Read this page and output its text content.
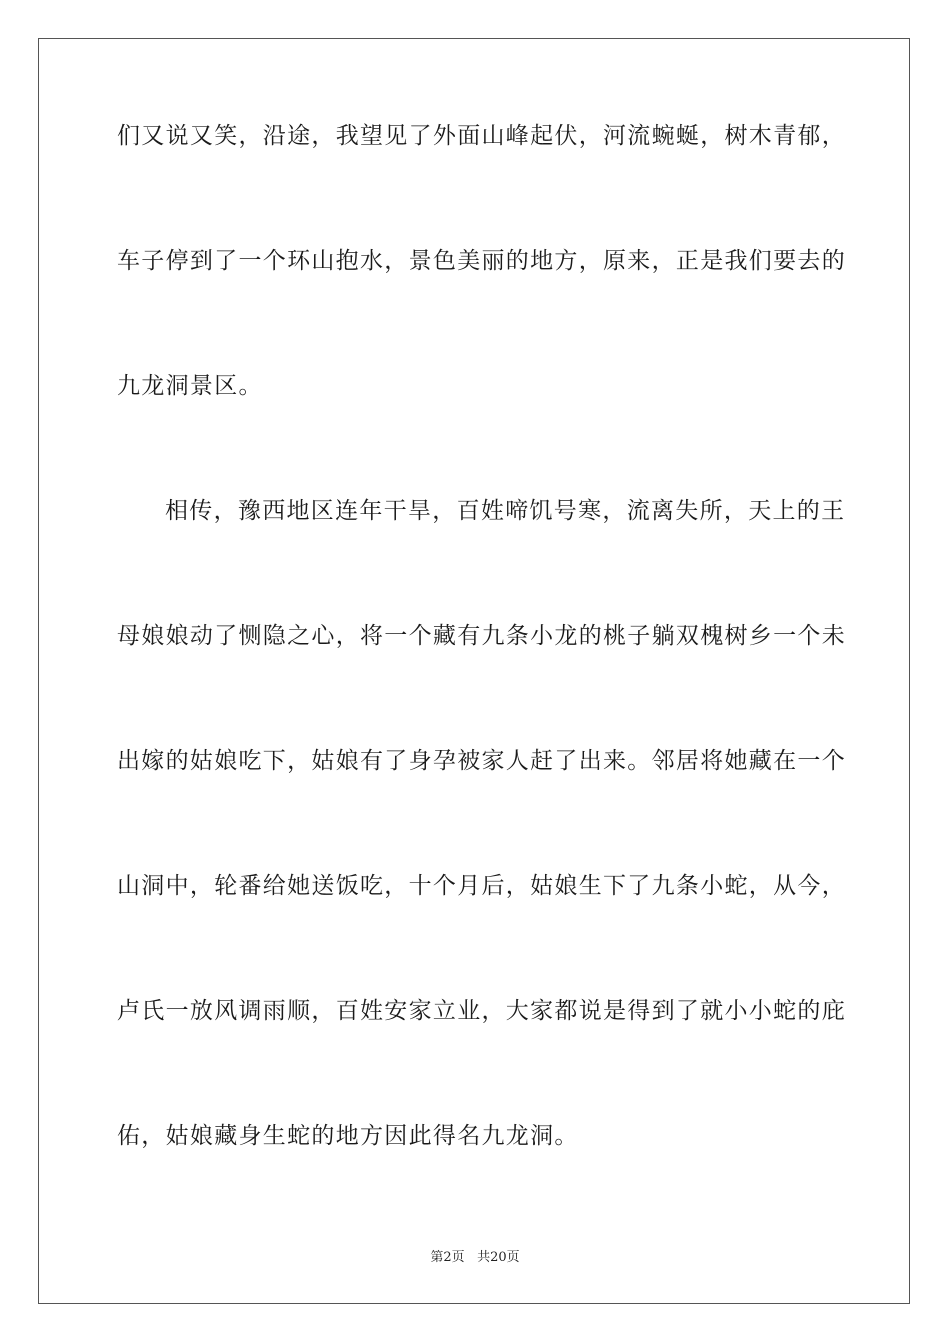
们又说又笑，沿途，我望见了外面山峰起伏，河流蜿蜒，树木青郁，
车子停到了一个环山抱水，景色美丽的地方，原来，正是我们要去的
九龙洞景区。
相传，豫西地区连年干旱，百姓啼饥号寒，流离失所，天上的王
母娘娘动了恻隐之心，将一个藏有九条小龙的桃子躺双槐树乡一个未
出嫁的姑娘吃下，姑娘有了身孕被家人赶了出来。邻居将她藏在一个
山洞中，轮番给她送饭吃，十个月后，姑娘生下了九条小蛇，从今，
卢氏一放风调雨顺，百姓安家立业，大家都说是得到了就小小蛇的庇
佑，姑娘藏身生蛇的地方因此得名九龙洞。
第2页 共20页
